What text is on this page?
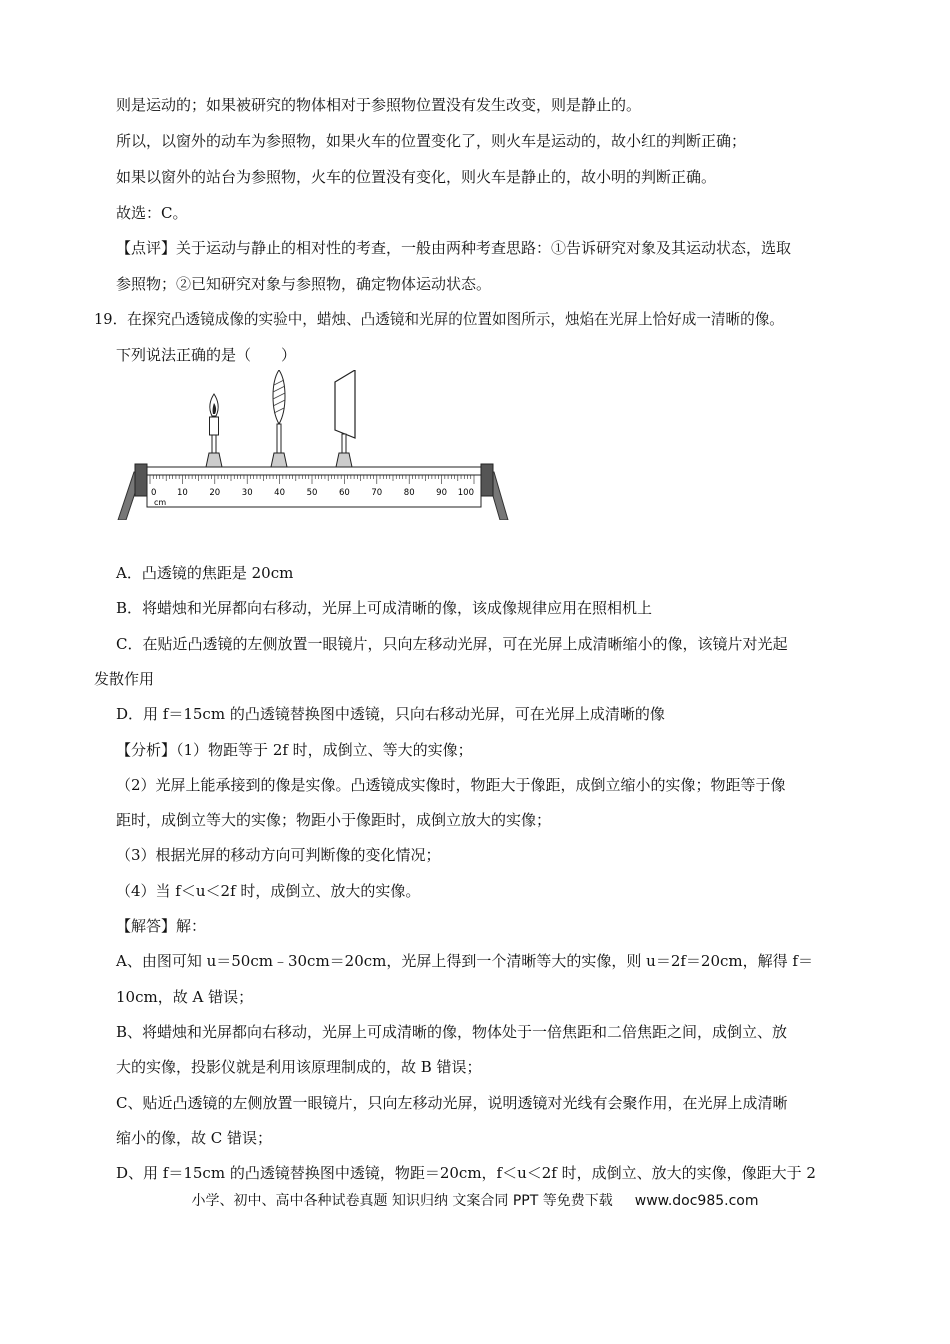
则是运动的；如果被研究的物体相对于参照物位置没有发生改变，则是静止的。
所以，以窗外的动车为参照物，如果火车的位置变化了，则火车是运动的，故小红的判断正确；
如果以窗外的站台为参照物，火车的位置没有变化，则火车是静止的，故小明的判断正确。
故选：C。
【点评】关于运动与静止的相对性的考查，一般由两种考查思路：①告诉研究对象及其运动状态，选取
参照物；②已知研究对象与参照物，确定物体运动状态。
19．在探究凸透镜成像的实验中，蜡烛、凸透镜和光屏的位置如图所示，烛焰在光屏上恰好成一清晰的像。
下列说法正确的是（　　）
0 10	20	30	40	50	60	70	80	90 100
cm
A．凸透镜的焦距是 20cm
B．将蜡烛和光屏都向右移动，光屏上可成清晰的像，该成像规律应用在照相机上
C．在贴近凸透镜的左侧放置一眼镜片，只向左移动光屏，可在光屏上成清晰缩小的像，该镜片对光起
发散作用
D．用 f＝15cm 的凸透镜替换图中透镜，只向右移动光屏，可在光屏上成清晰的像
【分析】（1）物距等于 2f 时，成倒立、等大的实像；
（2）光屏上能承接到的像是实像。凸透镜成实像时，物距大于像距，成倒立缩小的实像；物距等于像
距时，成倒立等大的实像；物距小于像距时，成倒立放大的实像；
（3）根据光屏的移动方向可判断像的变化情况；
（4）当 f＜u＜2f 时，成倒立、放大的实像。
【解答】解：
A、由图可知 u＝50cm﹣30cm＝20cm，光屏上得到一个清晰等大的实像，则 u＝2f＝20cm，解得 f＝
10cm，故 A 错误；
B、将蜡烛和光屏都向右移动，光屏上可成清晰的像，物体处于一倍焦距和二倍焦距之间，成倒立、放
大的实像，投影仪就是利用该原理制成的，故 B 错误；
C、贴近凸透镜的左侧放置一眼镜片，只向左移动光屏，说明透镜对光线有会聚作用，在光屏上成清晰
缩小的像，故 C 错误；
D、用 f＝15cm 的凸透镜替换图中透镜，物距＝20cm，f＜u＜2f 时，成倒立、放大的实像，像距大于 2
小学、初中、高中各种试卷真题 知识归纳 文案合同 PPT 等免费下载 www.doc985.com
